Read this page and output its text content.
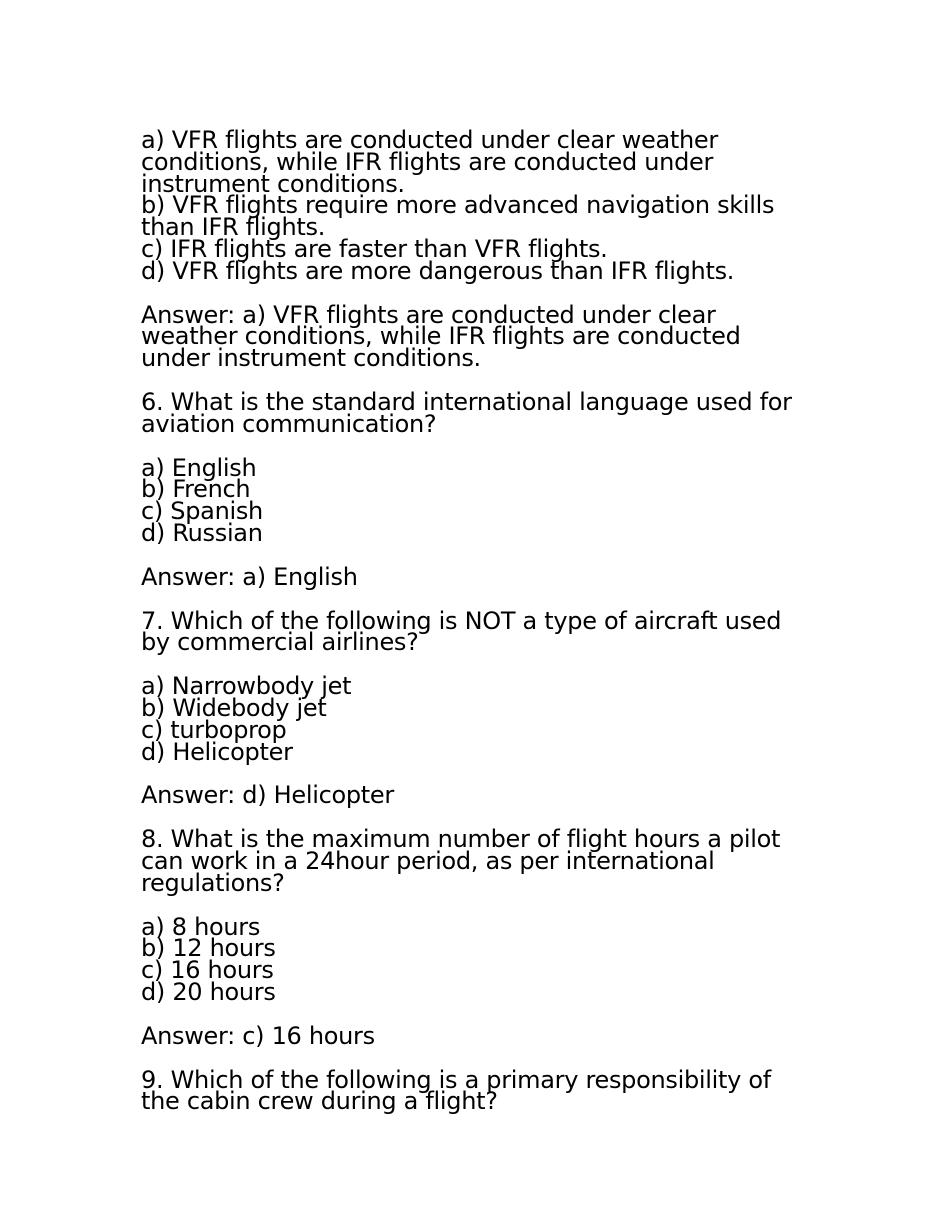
a) VFR flights are conducted under clear weather
conditions, while IFR flights are conducted under
instrument conditions.
b) VFR flights require more advanced navigation skills
than IFR flights.
c) IFR flights are faster than VFR flights.
d) VFR flights are more dangerous than IFR flights.
Answer: a) VFR flights are conducted under clear
weather conditions, while IFR flights are conducted
under instrument conditions.
6. What is the standard international language used for
aviation communication?
a) English
b) French
c) Spanish
d) Russian
Answer: a) English
7. Which of the following is NOT a type of aircraft used
by commercial airlines?
a) Narrowbody jet
b) Widebody jet
c) turboprop
d) Helicopter
Answer: d) Helicopter
8. What is the maximum number of flight hours a pilot
can work in a 24hour period, as per international
regulations?
a) 8 hours
b) 12 hours
c) 16 hours
d) 20 hours
Answer: c) 16 hours
9. Which of the following is a primary responsibility of
the cabin crew during a flight?
